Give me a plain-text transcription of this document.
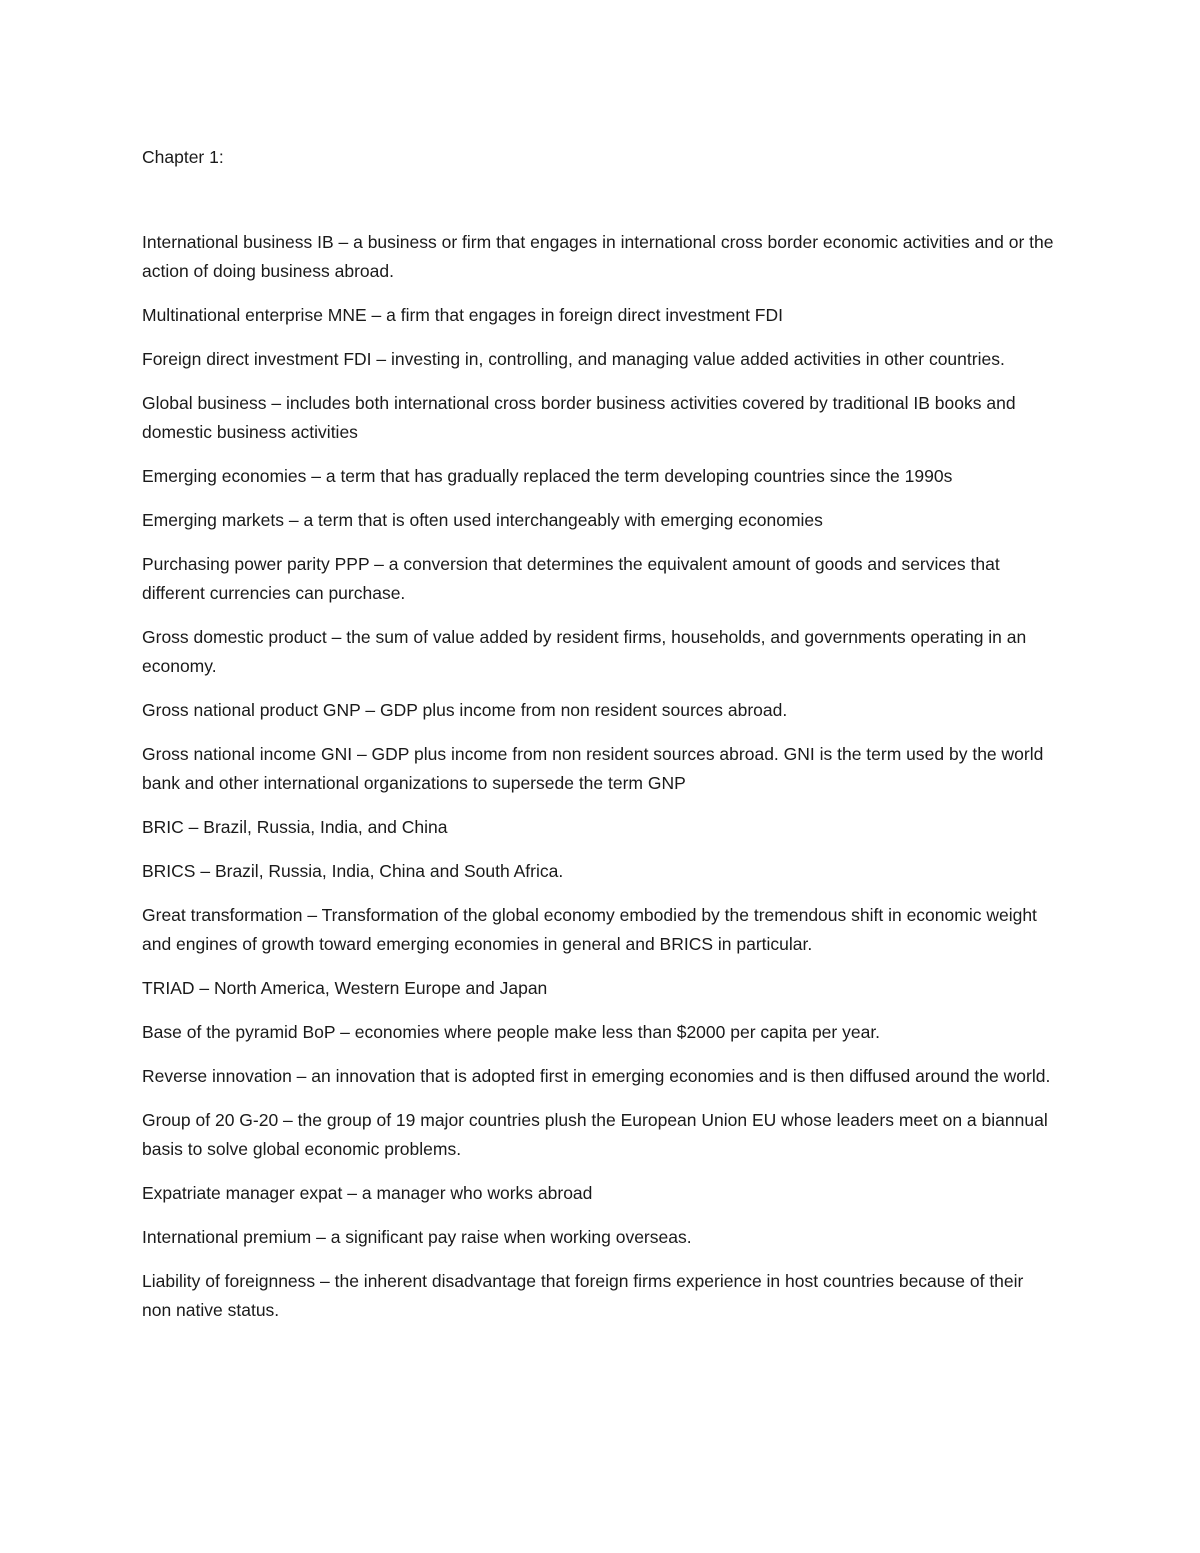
Chapter 1:

International business IB – a business or firm that engages in international cross border economic activities and or the action of doing business abroad.

Multinational enterprise MNE – a firm that engages in foreign direct investment FDI

Foreign direct investment FDI – investing in, controlling, and managing value added activities in other countries.

Global business – includes both international cross border business activities covered by traditional IB books and domestic business activities

Emerging economies – a term that has gradually replaced the term developing countries since the 1990s

Emerging markets – a term that is often used interchangeably with emerging economies

Purchasing power parity PPP – a conversion that determines the equivalent amount of goods and services that different currencies can purchase.

Gross domestic product – the sum of value added by resident firms, households, and governments operating in an economy.

Gross national product GNP – GDP plus income from non resident sources abroad.

Gross national income GNI – GDP plus income from non resident sources abroad. GNI is the term used by the world bank and other international organizations to supersede the term GNP

BRIC – Brazil, Russia, India, and China

BRICS – Brazil, Russia, India, China and South Africa.

Great transformation – Transformation of the global economy embodied by the tremendous shift in economic weight and engines of growth toward emerging economies in general and BRICS in particular.

TRIAD – North America, Western Europe and Japan

Base of the pyramid BoP – economies where people make less than $2000 per capita per year.

Reverse innovation – an innovation that is adopted first in emerging economies and is then diffused around the world.

Group of 20 G-20 – the group of 19 major countries plush the European Union EU whose leaders meet on a biannual basis to solve global economic problems.

Expatriate manager expat – a manager who works abroad

International premium – a significant pay raise when working overseas.

Liability of foreignness – the inherent disadvantage that foreign firms experience in host countries because of their non native status.
